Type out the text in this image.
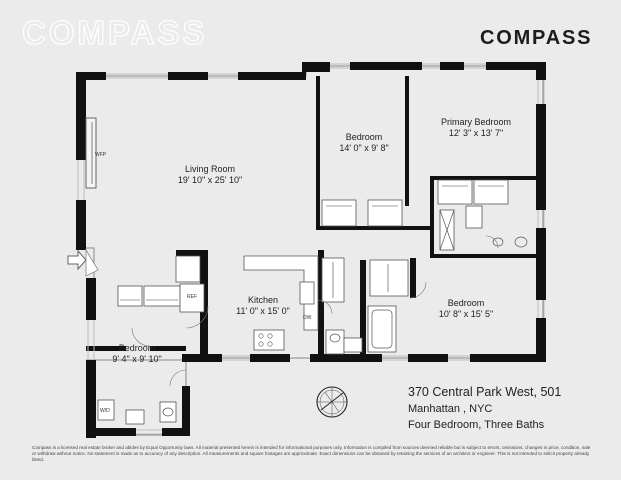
COMPASS	COMPASS
Living Room
19' 10" x 25' 10"
Bedroom
14' 0" x 9' 8"
Primary Bedroom
12' 3" x 13' 7"
Kitchen
11' 0" x 15' 0"
Bedroom
10' 8" x 15' 5"
Bedroom
9' 4" x 9' 10"
WFP
W/D
DW
REF
370 Central Park West, 501
Manhattan , NYC
Four Bedroom, Three Baths
Compass is a licensed real estate broker and abides by Equal Opportunity laws. All material presented herein is intended for informational purposes only. Information is compiled from sources deemed reliable but is subject to errors, omissions, changes in price, condition, sale or withdraw without notice. No statement is made as to accuracy of any description. All measurements and square footages are approximate. Exact dimensions can be obtained by retaining the services of an architect or engineer. This is not intended to solicit property already listed.
